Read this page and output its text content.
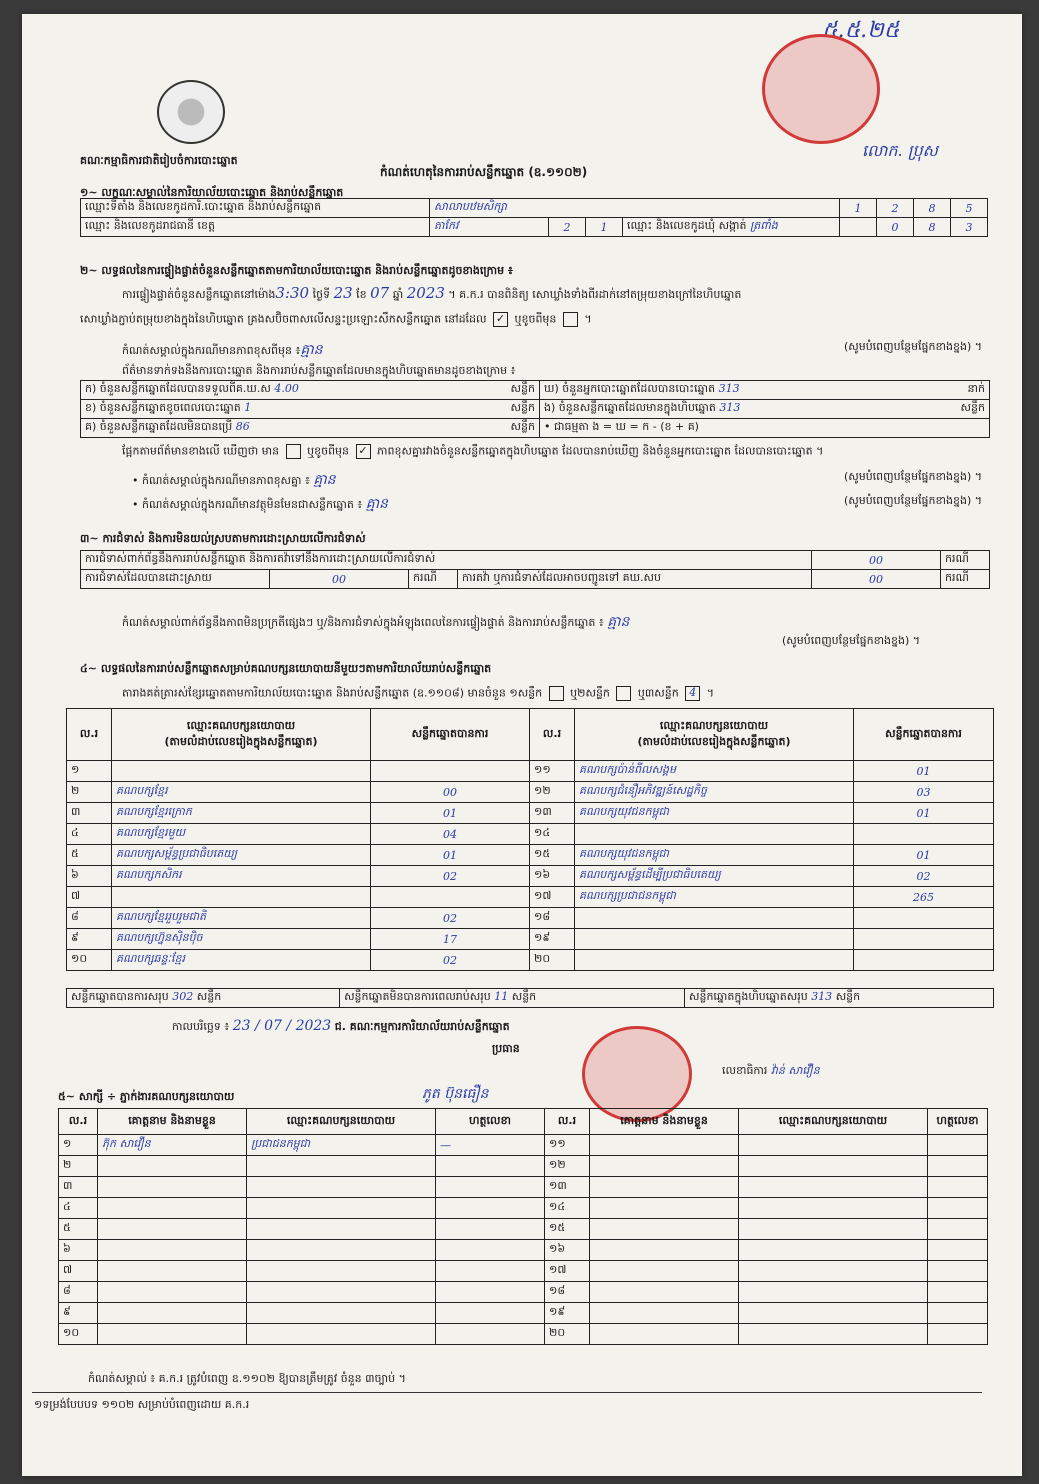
គណៈកម្មាធិការជាតិរៀបចំការបោះឆ្នោត
៥.៥.២៥
លោក. ប្រុស
កំណត់ហេតុនៃការរាប់សន្លឹកឆ្នោត (ឧ.១១០២)
១~ លក្ខណៈសម្គាល់នៃការិយាល័យបោះឆ្នោត និងរាប់សន្លឹកឆ្នោត
ឈ្មោះទីតាំង និងលេខកូដការិ.បោះឆ្នោត និងរាប់សន្លឹកឆ្នោត	សាលាបឋមសិក្សា				1	2	8	5
ឈ្មោះ និងលេខកូដរាជធានី ខេត្ត	តាកែវ	2	1	ឈ្មោះ និងលេខកូដឃុំ សង្កាត់ ត្រពាំង		0	8	3
២~ លទ្ធផលនៃការផ្ទៀងផ្ទាត់ចំនួនសន្លឹកឆ្នោតតាមការិយាល័យបោះឆ្នោត និងរាប់សន្លឹកឆ្នោតដូចខាងក្រោម ៖
ការផ្ទៀងផ្ទាត់ចំនួនសន្លឹកឆ្នោតនៅម៉ោង3:30 ថ្ងៃទី 23 ខែ 07 ឆ្នាំ 2023 ។ គ.ក.រ បានពិនិត្យ សោឃ្លាំងទាំងពីរដាក់នៅតម្រុយខាងក្រៅនៃហិបឆ្នោត
សោឃ្លាំងភ្ជាប់តម្រុយខាងក្នុងនៃហិបឆ្នោត គ្រងសប៊ិចពាសលើសន្ទះប្រឡោះសឹកសន្លឹកឆ្នោត នៅដដែល ✓ ឬខូចពីមុន  ។
កំណត់សម្គាល់ក្នុងករណីមានភាពខុសពីមុន ៖គ្មាន	(សូមបំពេញបន្ថែមផ្នែកខាងខ្នង) ។
ព័ត៌មានទាក់ទងនឹងការបោះឆ្នោត និងការរាប់សន្លឹកឆ្នោតដែលមានក្នុងហិបឆ្នោតមានដូចខាងក្រោម ៖
ក) ចំនួនសន្លឹកឆ្នោតដែលបានទទួលពីគ.ឃ.ស 4.00 សន្លឹក	ឃ) ចំនួនអ្នកបោះឆ្នោតដែលបានបោះឆ្នោត 313 នាក់

ខ) ចំនួនសន្លឹកឆ្នោតខូចពេលបោះឆ្នោត 1 សន្លឹក	ង) ចំនួនសន្លឹកឆ្នោតដែលមានក្នុងហិបឆ្នោត 313 សន្លឹក

គ) ចំនួនសន្លឹកឆ្នោតដែលមិនបានប្រើ 86 សន្លឹក	• ជាធម្មតា ង = ឃ = ក - (ខ + គ)
ផ្អែកតាមព័ត៌មានខាងលើ ឃើញថា មាន	ឬខូចពីមុន ✓ ភាពខុសគ្នារវាងចំនួនសន្លឹកឆ្នោតក្នុងហិបឆ្នោត ដែលបានរាប់ឃើញ និងចំនួនអ្នកបោះឆ្នោត ដែលបានបោះឆ្នោត ។
• កំណត់សម្គាល់ក្នុងករណីមានភាពខុសគ្នា ៖ គ្មាន	(សូមបំពេញបន្ថែមផ្នែកខាងខ្នង) ។
• កំណត់សម្គាល់ក្នុងករណីមានវត្ថុមិនមែនជាសន្លឹកឆ្នោត ៖ គ្មាន	(សូមបំពេញបន្ថែមផ្នែកខាងខ្នង) ។
៣~ ការជំទាស់ និងការមិនយល់ស្របតាមការដោះស្រាយលើការជំទាស់
ការជំទាស់ពាក់ព័ន្ធនឹងការរាប់សន្លឹកឆ្នោត និងការតវ៉ាទៅនឹងការដោះស្រាយលើការជំទាស់				00	ករណី
ការជំទាស់ដែលបានដោះស្រាយ	00	ករណី	ការតវ៉ា ឬការជំទាស់ដែលអាចបញ្ជូនទៅ គឃ.សប	00	ករណី
កំណត់សម្គាល់ពាក់ព័ន្ធនឹងភាពមិនប្រក្រតីផ្សេងៗ ឬ/និងការជំទាស់ក្នុងអំឡុងពេលនៃការផ្ទៀងផ្ទាត់ និងការរាប់សន្លឹកឆ្នោត ៖ គ្មាន
(សូមបំពេញបន្ថែមផ្នែកខាងខ្នង) ។
៤~ លទ្ធផលនៃការរាប់សន្លឹកឆ្នោតសម្រាប់គណបក្សនយោបាយនីមួយៗតាមការិយាល័យរាប់សន្លឹកឆ្នោត
តារាងគត់ត្រារស់ខ្សែរឆ្នោតតាមការិយាល័យបោះឆ្នោត និងរាប់សន្លឹកឆ្នោត (ឧ.១១០៨) មានចំនួន ១សន្លឹក	ឬ២សន្លឹក	ឬ៣សន្លឹក 4 ។
ល.រ	ឈ្មោះគណបក្សនយោបាយ
(តាមលំដាប់លេខរៀងក្នុងសន្លឹកឆ្នោត)	សន្លឹកឆ្នោតបានការ	ល.រ	ឈ្មោះគណបក្សនយោបាយ
(តាមលំដាប់លេខរៀងក្នុងសន្លឹកឆ្នោត)	សន្លឹកឆ្នោតបានការ
១			១១	គណបក្សប៉ាន់ពីលសង្គម	01
២	គណបក្សខ្មែរ	00	១២	គណបក្សជំនឿអភិវឌ្ឍន៍សេដ្ឋកិច្ច	03
៣	គណបក្សខ្មែរក្រោក	01	១៣	គណបក្សយុវជនកម្ពុជា	01
៤	គណបក្សខ្មែរមួយ	04	១៤		
៥	គណបក្សសម្ព័ន្ធប្រជាធិបតេយ្យ	01	១៥	គណបក្សយុវជនកម្ពុជា	01
៦	គណបក្សកសិករ	02	១៦	គណបក្សសម្ព័ន្ធដើម្បីប្រជាធិបតេយ្យ	02
៧			១៧	គណបក្សប្រជាជនកម្ពុជា	265
៨	គណបក្សខ្មែររួបរួមជាតិ	02	១៨		
៩	គណបក្សហ្វ៊ុនស៊ិនប៉ិច	17	១៩		
១០	គណបក្សឆន្ទៈខ្មែរ	02	២០		
សន្លឹកឆ្នោតបានការសរុប 302 សន្លឹក	សន្លឹកឆ្នោតមិនបានការពេលរាប់សរុប 11 សន្លឹក	សន្លឹកឆ្នោតក្នុងហិបឆ្នោតសរុប 313 សន្លឹក
កាលបរិច្ឆេទ ៖ 23 / 07 / 2023 ជ. គណៈកម្មការការិយាល័យរាប់សន្លឹកឆ្នោត
ប្រធាន
លេខាធិការ វ៉ាន់ សាវ៉ឿន
ភូត ប៊ុនធឿន
៥~ សាក្សី ÷ ភ្នាក់ងារគណបក្សនយោបាយ
ល.រ	គោត្តនាម និងនាមខ្លួន	ឈ្មោះគណបក្សនយោបាយ	ហត្ថលេខា	ល.រ	គោត្តនាម និងនាមខ្លួន	ឈ្មោះគណបក្សនយោបាយ	ហត្ថលេខា
១	ភ៊ុក សាវឿន	ប្រជាជនកម្ពុជា	—	១១			
២				១២			
៣				១៣			
៤				១៤			
៥				១៥			
៦				១៦			
៧				១៧			
៨				១៨			
៩				១៩			
១០				២០			
កំណត់សម្គាល់ ៖ គ.ក.រ ត្រូវបំពេញ ឧ.១១០២ ឱ្យបានត្រឹមត្រូវ ចំនួន ៣ច្បាប់ ។
១ទម្រង់បែបបទ ១១០២ សម្រាប់បំពេញដោយ គ.ក.រ
